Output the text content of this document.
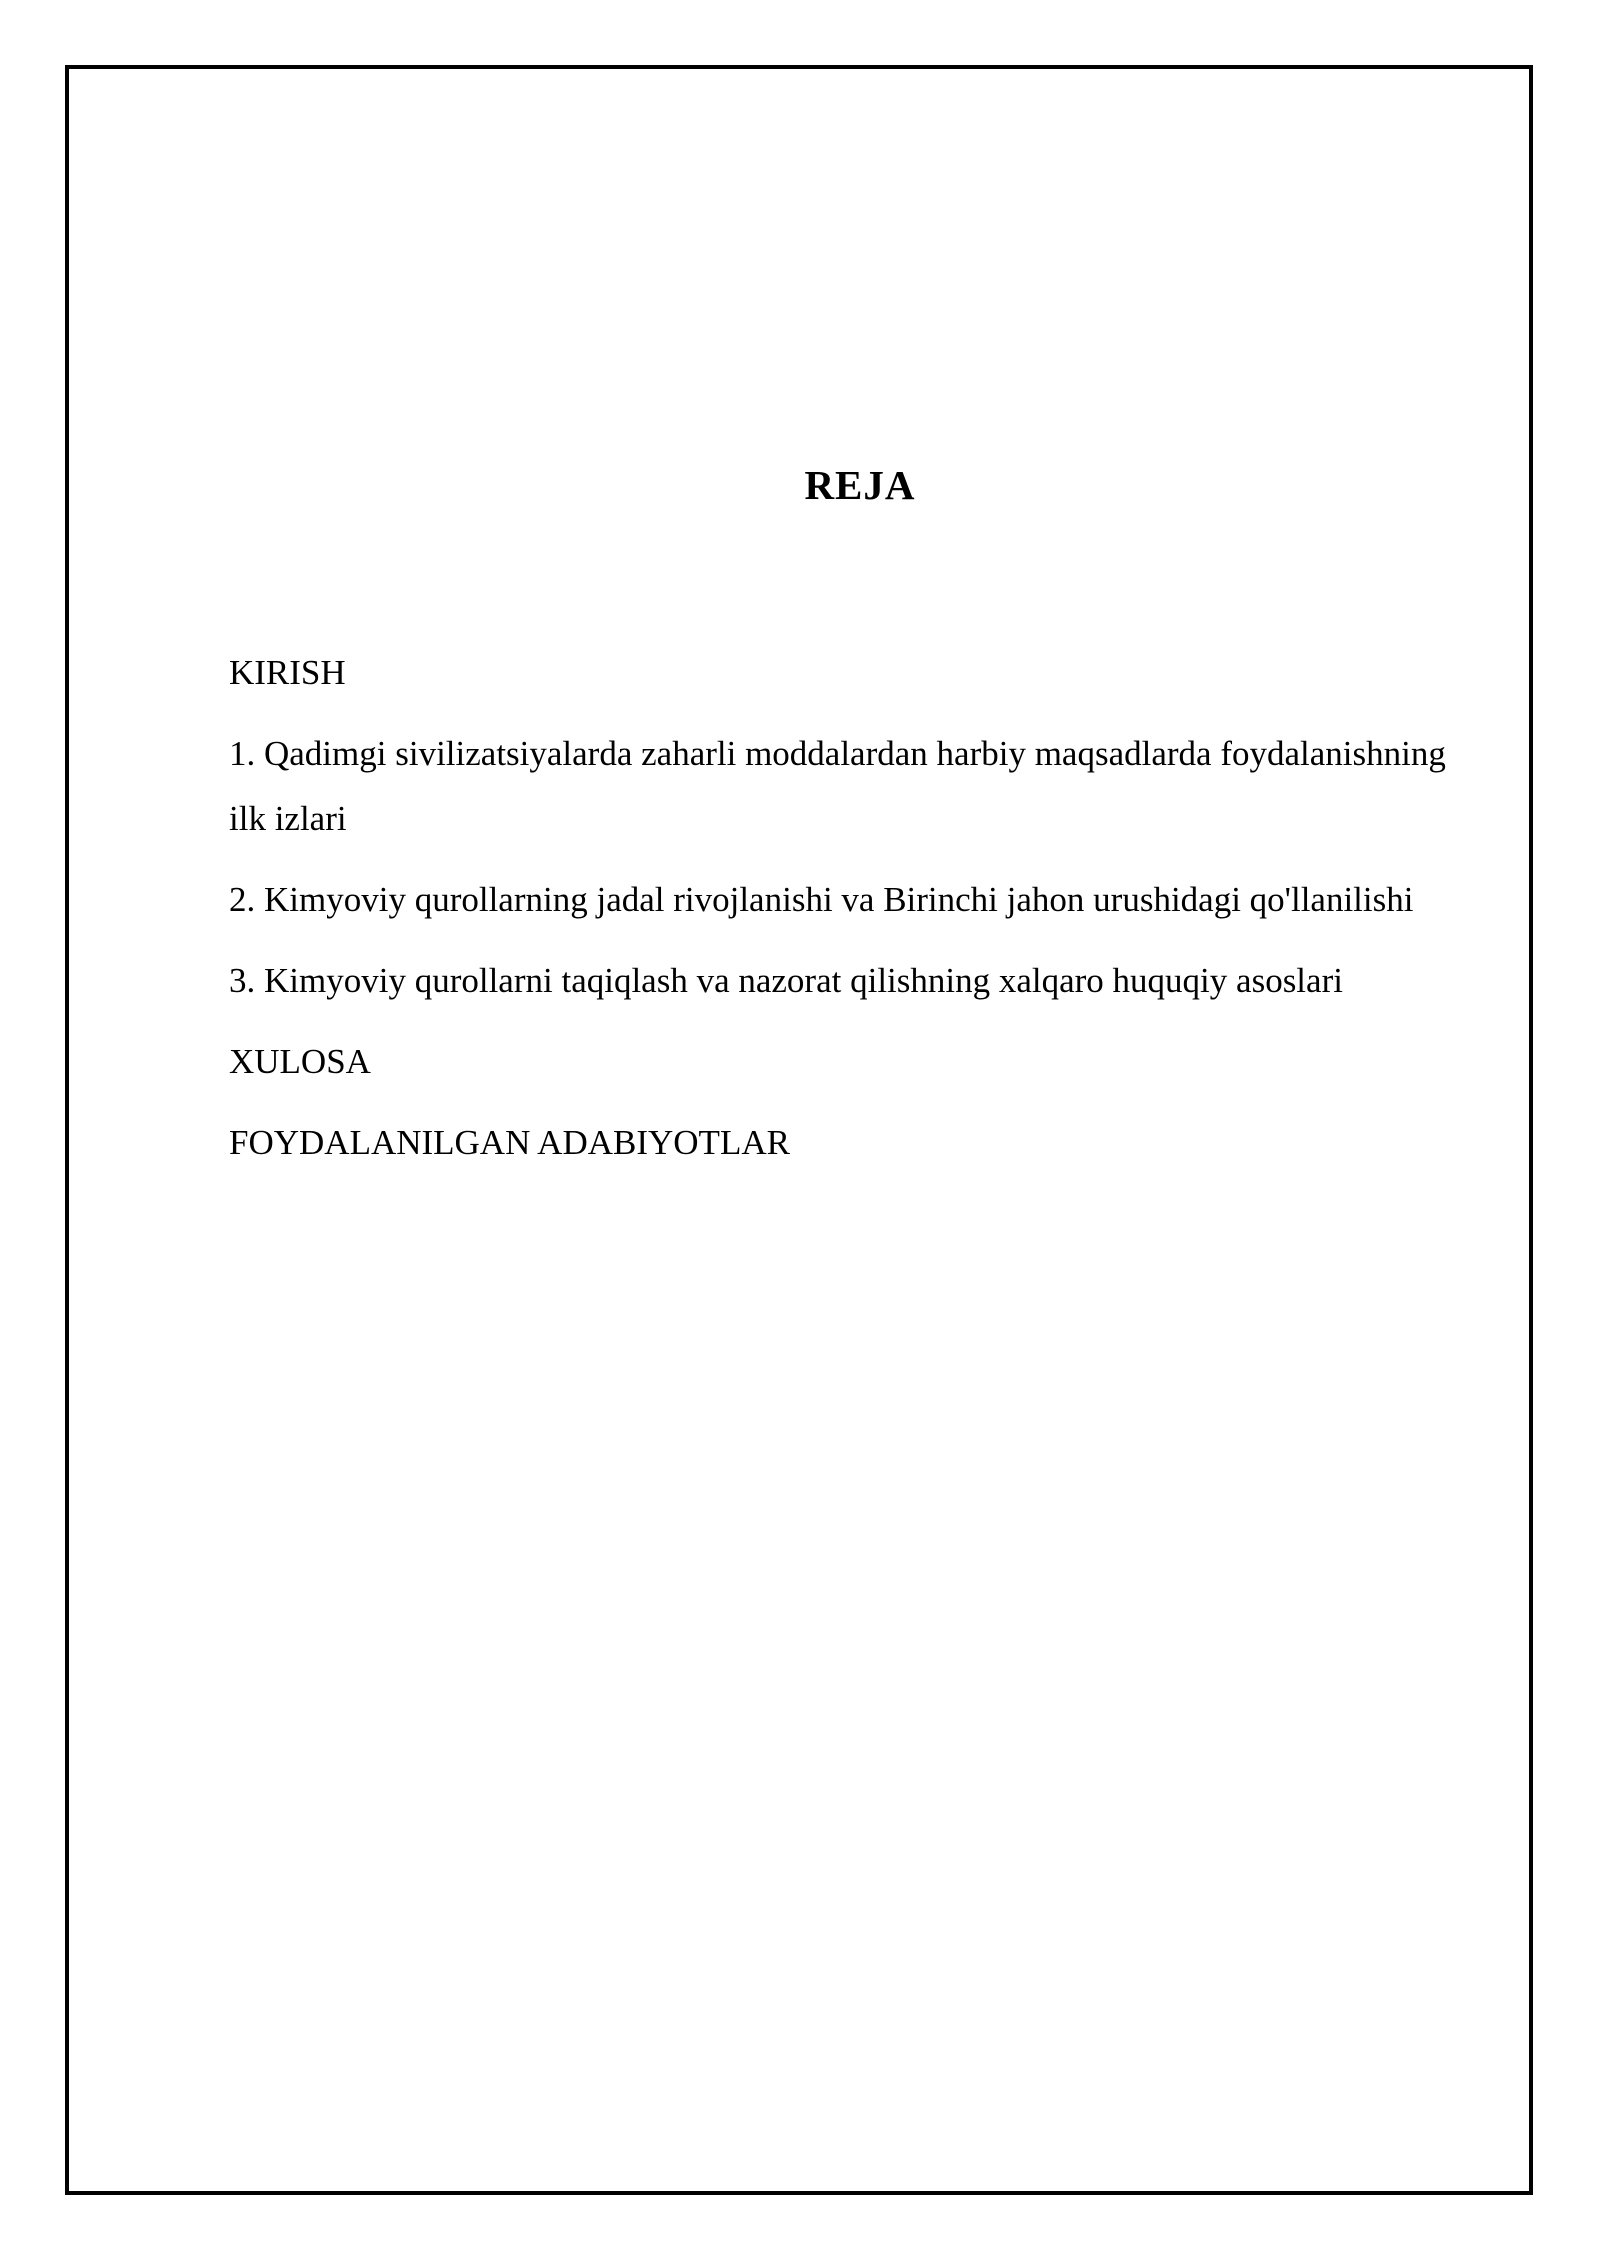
REJA
KIRISH
1. Qadimgi sivilizatsiyalarda zaharli moddalardan harbiy maqsadlarda foydalanishning ilk izlari
2. Kimyoviy qurollarning jadal rivojlanishi va Birinchi jahon urushidagi qo'llanilishi
3. Kimyoviy qurollarni taqiqlash va nazorat qilishning xalqaro huquqiy asoslari
XULOSA
FOYDALANILGAN ADABIYOTLAR
